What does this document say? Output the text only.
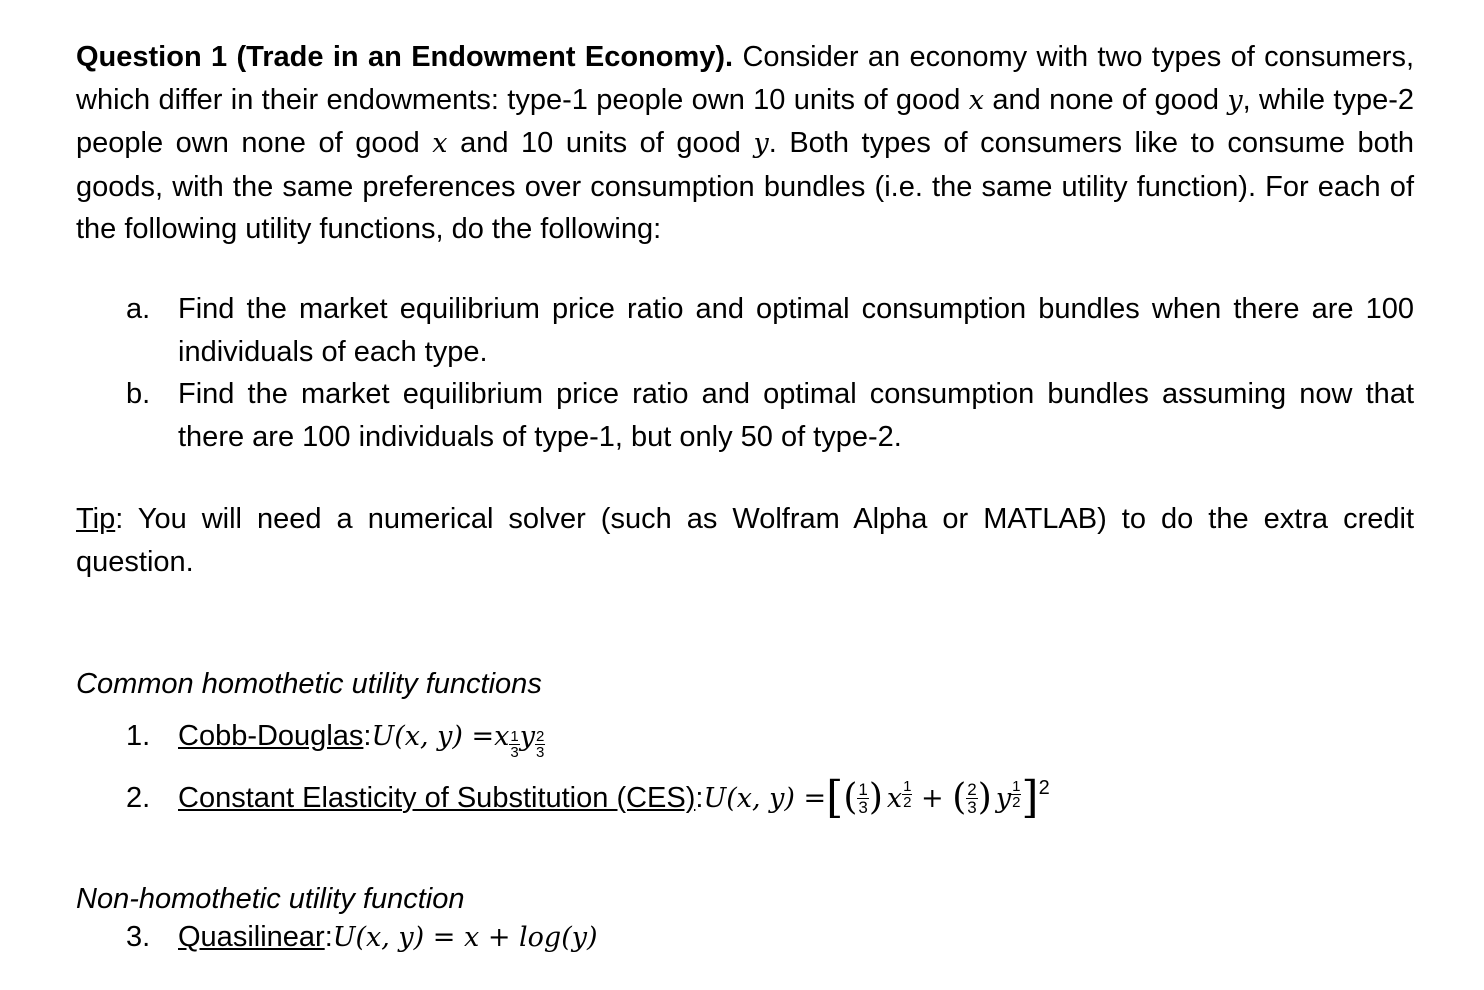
Question 1 (Trade in an Endowment Economy). Consider an economy with two types of consumers, which differ in their endowments: type-1 people own 10 units of good x and none of good y, while type-2 people own none of good x and 10 units of good y. Both types of consumers like to consume both goods, with the same preferences over consumption bundles (i.e. the same utility function). For each of the following utility functions, do the following:

a. Find the market equilibrium price ratio and optimal consumption bundles when there are 100 individuals of each type.
b. Find the market equilibrium price ratio and optimal consumption bundles assuming now that there are 100 individuals of type-1, but only 50 of type-2.

Tip: You will need a numerical solver (such as Wolfram Alpha or MATLAB) to do the extra credit question.

Common homothetic utility functions
1. Cobb-Douglas : U(x, y) = x $\frac{1}{3}$ y $\frac{2}{3}$
2. Constant Elasticity of Substitution (CES) : U(x, y) = [ ( $\frac{1}{3}$ ) x $\frac{1}{2}$ + ( $\frac{2}{3}$ ) y $\frac{1}{2}$ ] 2
Non-homothetic utility function
3. Quasilinear : U(x, y) = x + log(y)
